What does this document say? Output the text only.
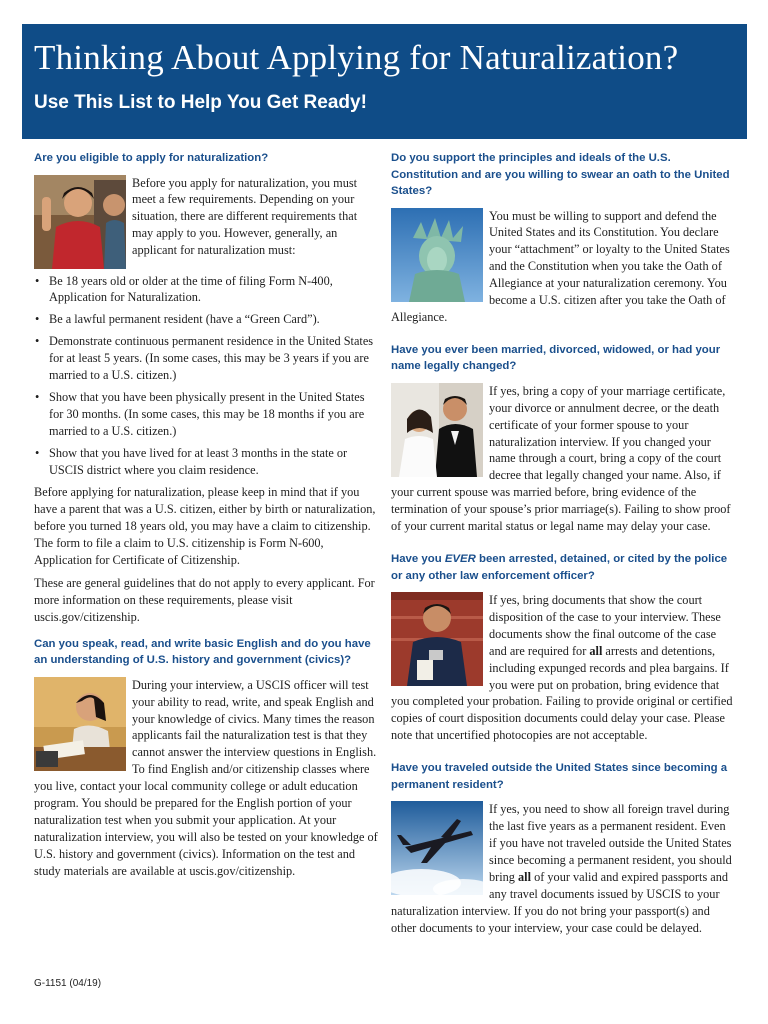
Thinking About Applying for Naturalization?
Use This List to Help You Get Ready!
Are you eligible to apply for naturalization?

Before you apply for naturalization, you must meet a few requirements. Depending on your situation, there are different requirements that may apply to you. However, generally, an applicant for naturalization must:

• Be 18 years old or older at the time of filing Form N-400, Application for Naturalization.
• Be a lawful permanent resident (have a “Green Card”).
• Demonstrate continuous permanent residence in the United States for at least 5 years. (In some cases, this may be 3 years if you are married to a U.S. citizen.)
• Show that you have been physically present in the United States for 30 months. (In some cases, this may be 18 months if you are married to a U.S. citizen.)
• Show that you have lived for at least 3 months in the state or USCIS district where you claim residence.

Before applying for naturalization, please keep in mind that if you have a parent that was a U.S. citizen, either by birth or naturalization, before you turned 18 years old, you may have a claim to citizenship. The form to file a claim to U.S. citizenship is Form N-600, Application for Certificate of Citizenship.

These are general guidelines that do not apply to every applicant. For more information on these requirements, please visit uscis.gov/citizenship.

Can you speak, read, and write basic English and do you have an understanding of U.S. history and government (civics)?

During your interview, a USCIS officer will test your ability to read, write, and speak English and your knowledge of civics. Many times the reason applicants fail the naturalization test is that they cannot answer the interview questions in English. To find English and/or citizenship classes where you live, contact your local community college or adult education program. You should be prepared for the English portion of your naturalization test when you submit your application. At your naturalization interview, you will also be tested on your knowledge of U.S. history and government (civics). Information on the test and study materials are available at uscis.gov/citizenship.

Do you support the principles and ideals of the U.S. Constitution and are you willing to swear an oath to the United States?

You must be willing to support and defend the United States and its Constitution. You declare your “attachment” or loyalty to the United States and the Constitution when you take the Oath of Allegiance at your naturalization ceremony. You become a U.S. citizen after you take the Oath of Allegiance.

Have you ever been married, divorced, widowed, or had your name legally changed?

If yes, bring a copy of your marriage certificate, your divorce or annulment decree, or the death certificate of your former spouse to your naturalization interview. If you changed your name through a court, bring a copy of the court decree that legally changed your name. Also, if your current spouse was married before, bring evidence of the termination of your spouse’s prior marriage(s). Failing to show proof of your current marital status or legal name may delay your case.

Have you EVER been arrested, detained, or cited by the police or any other law enforcement officer?

If yes, bring documents that show the court disposition of the case to your interview. These documents show the final outcome of the case and are required for all arrests and detentions, including expunged records and plea bargains. If you were put on probation, bring evidence that you completed your probation. Failing to provide original or certified copies of court disposition documents could delay your case. Please note that uncertified photocopies are not acceptable.

Have you traveled outside the United States since becoming a permanent resident?

If yes, you need to show all foreign travel during the last five years as a permanent resident. Even if you have not traveled outside the United States since becoming a permanent resident, you should bring all of your valid and expired passports and any travel documents issued by USCIS to your naturalization interview. If you do not bring your passport(s) and other documents to your interview, your case could be delayed.

G-1151 (04/19)
